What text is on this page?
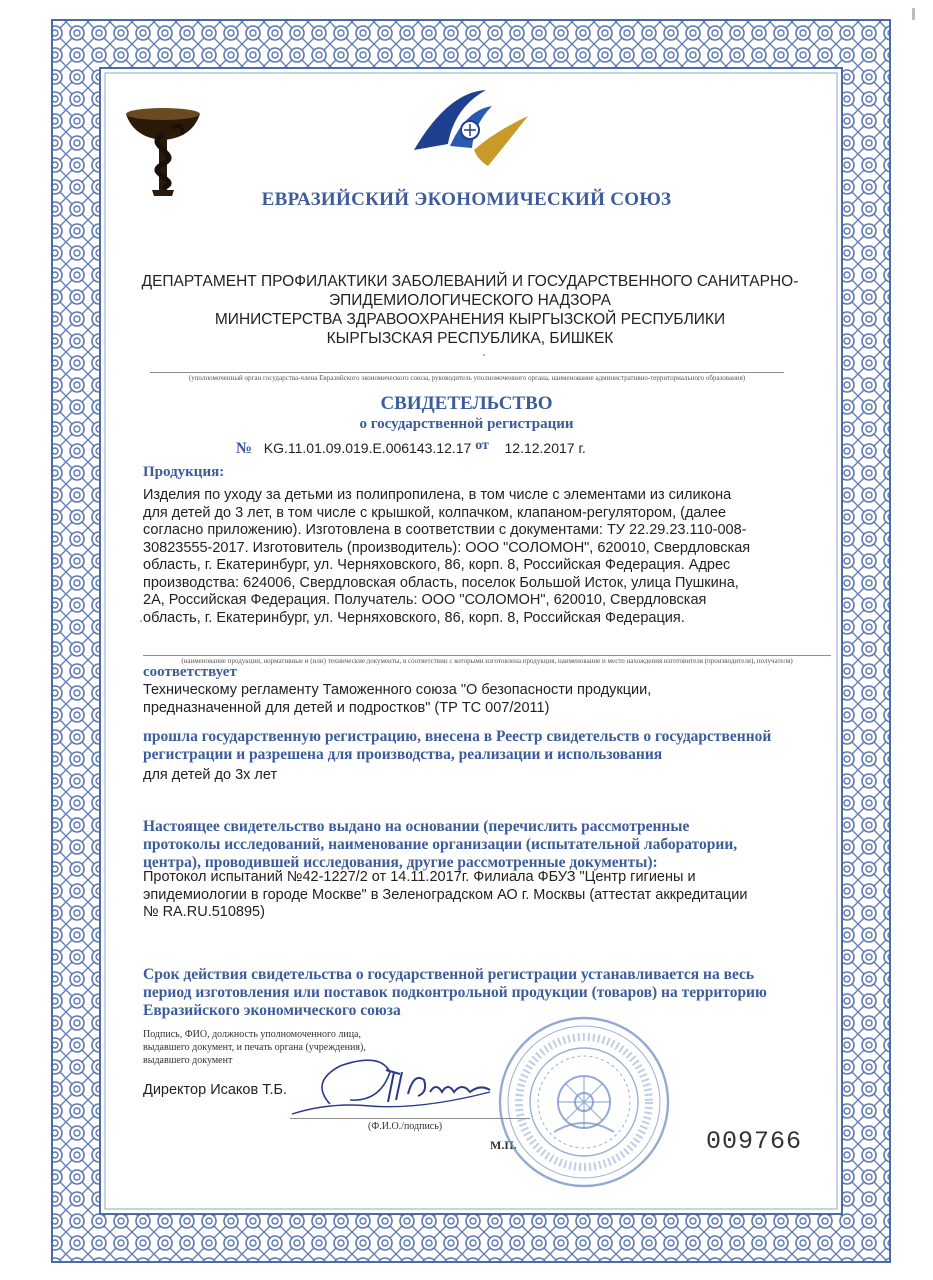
ЕВРАЗИЙСКИЙ ЭКОНОМИЧЕСКИЙ СОЮЗ

ДЕПАРТАМЕНТ ПРОФИЛАКТИКИ ЗАБОЛЕВАНИЙ И ГОСУДАРСТВЕННОГО САНИТАРНО-
ЭПИДЕМИОЛОГИЧЕСКОГО НАДЗОРА
МИНИСТЕРСТВА ЗДРАВООХРАНЕНИЯ КЫРГЫЗСКОЙ РЕСПУБЛИКИ
КЫРГЫЗСКАЯ РЕСПУБЛИКА, БИШКЕК

(уполномоченный орган государства-члена Евразийского экономического союза, руководитель уполномоченного органа, наименование административно-территориального образования)

СВИДЕТЕЛЬСТВО

о государственной регистрации

№ KG.11.01.09.019.Е.006143.12.17 от 12.12.2017 г.

Продукция:

Изделия по уходу за детьми из полипропилена, в том числе с элементами из силикона
для детей до 3 лет, в том числе с крышкой, колпачком, клапаном-регулятором, (далее
согласно приложению). Изготовлена в соответствии с документами: ТУ 22.29.23.110-008-
30823555-2017. Изготовитель (производитель): ООО "СОЛОМОН", 620010, Свердловская
область, г. Екатеринбург, ул. Черняховского, 86, корп. 8, Российская Федерация. Адрес
производства: 624006, Свердловская область, поселок Большой Исток, улица Пушкина,
2А, Российская Федерация. Получатель: ООО "СОЛОМОН", 620010, Свердловская
область, г. Екатеринбург, ул. Черняховского, 86, корп. 8, Российская Федерация.

(наименование продукции, нормативные и (или) технические документы, в соответствии с которыми изготовлена продукция, наименование и место нахождения изготовителя (производителя), получателя)

соответствует

Техническому регламенту Таможенного союза "О безопасности продукции,
предназначенной для детей и подростков" (ТР ТС 007/2011)
прошла государственную регистрацию, внесена в Реестр свидетельств о государственной
регистрации и разрешена для производства, реализации и использования

для детей до 3х лет

Настоящее свидетельство выдано на основании (перечислить рассмотренные
протоколы исследований, наименование организации (испытательной лаборатории,
центра), проводившей исследования, другие рассмотренные документы):
Протокол испытаний №42-1227/2 от 14.11.2017г. Филиала ФБУЗ "Центр гигиены и
эпидемиологии в городе Москве" в Зеленоградском АО г. Москвы (аттестат аккредитации
№ RA.RU.510895)
Срок действия свидетельства о государственной регистрации устанавливается на весь
период изготовления или поставок подконтрольной продукции (товаров) на территорию
Евразийского экономического союза
Подпись, ФИО, должность уполномоченного лица,
выдавшего документ, и печать органа (учреждения),
выдавшего документ

Директор Исаков Т.Б.

(Ф.И.О./подпись)

М.П.	009766
